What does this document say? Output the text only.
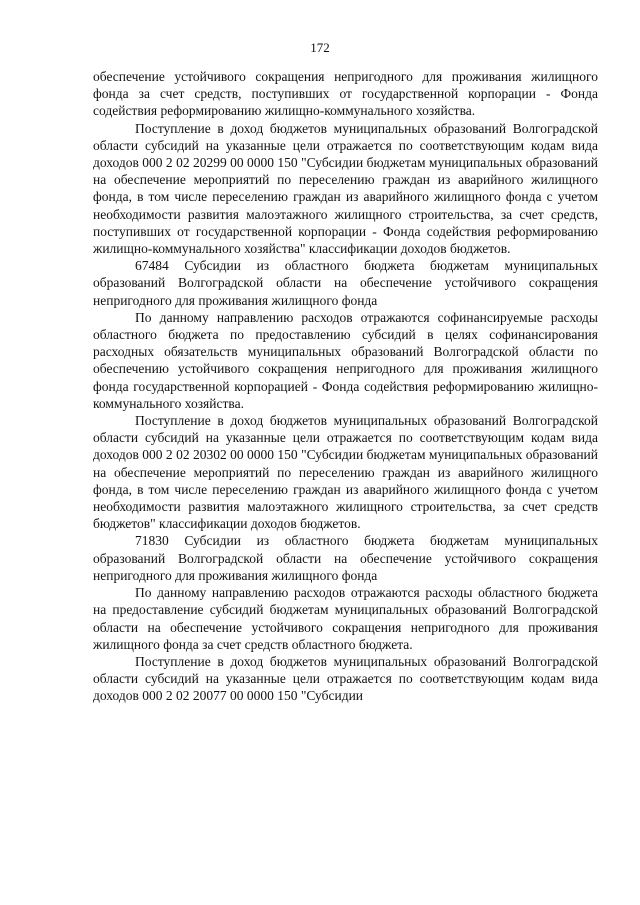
172

обеспечение устойчивого сокращения непригодного для проживания жилищного фонда за счет средств, поступивших от государственной корпорации - Фонда содействия реформированию жилищно-коммунального хозяйства.

Поступление в доход бюджетов муниципальных образований Волгоградской области субсидий на указанные цели отражается по соответствующим кодам вида доходов 000 2 02 20299 00 0000 150 "Субсидии бюджетам муниципальных образований на обеспечение мероприятий по переселению граждан из аварийного жилищного фонда, в том числе переселению граждан из аварийного жилищного фонда с учетом необходимости развития малоэтажного жилищного строительства, за счет средств, поступивших от государственной корпорации - Фонда содействия реформированию жилищно-коммунального хозяйства" классификации доходов бюджетов.

67484 Субсидии из областного бюджета бюджетам муниципальных образований Волгоградской области на обеспечение устойчивого сокращения непригодного для проживания жилищного фонда

По данному направлению расходов отражаются софинансируемые расходы областного бюджета по предоставлению субсидий в целях софинансирования расходных обязательств муниципальных образований Волгоградской области по обеспечению устойчивого сокращения непригодного для проживания жилищного фонда государственной корпорацией - Фонда содействия реформированию жилищно-коммунального хозяйства.

Поступление в доход бюджетов муниципальных образований Волгоградской области субсидий на указанные цели отражается по соответствующим кодам вида доходов 000 2 02 20302 00 0000 150 "Субсидии бюджетам муниципальных образований на обеспечение мероприятий по переселению граждан из аварийного жилищного фонда, в том числе переселению граждан из аварийного жилищного фонда с учетом необходимости развития малоэтажного жилищного строительства, за счет средств бюджетов" классификации доходов бюджетов.

71830 Субсидии из областного бюджета бюджетам муниципальных образований Волгоградской области на обеспечение устойчивого сокращения непригодного для проживания жилищного фонда

По данному направлению расходов отражаются расходы областного бюджета на предоставление субсидий бюджетам муниципальных образований Волгоградской области на обеспечение устойчивого сокращения непригодного для проживания жилищного фонда за счет средств областного бюджета.

Поступление в доход бюджетов муниципальных образований Волгоградской области субсидий на указанные цели отражается по соответствующим кодам вида доходов 000 2 02 20077 00 0000 150 "Субсидии
